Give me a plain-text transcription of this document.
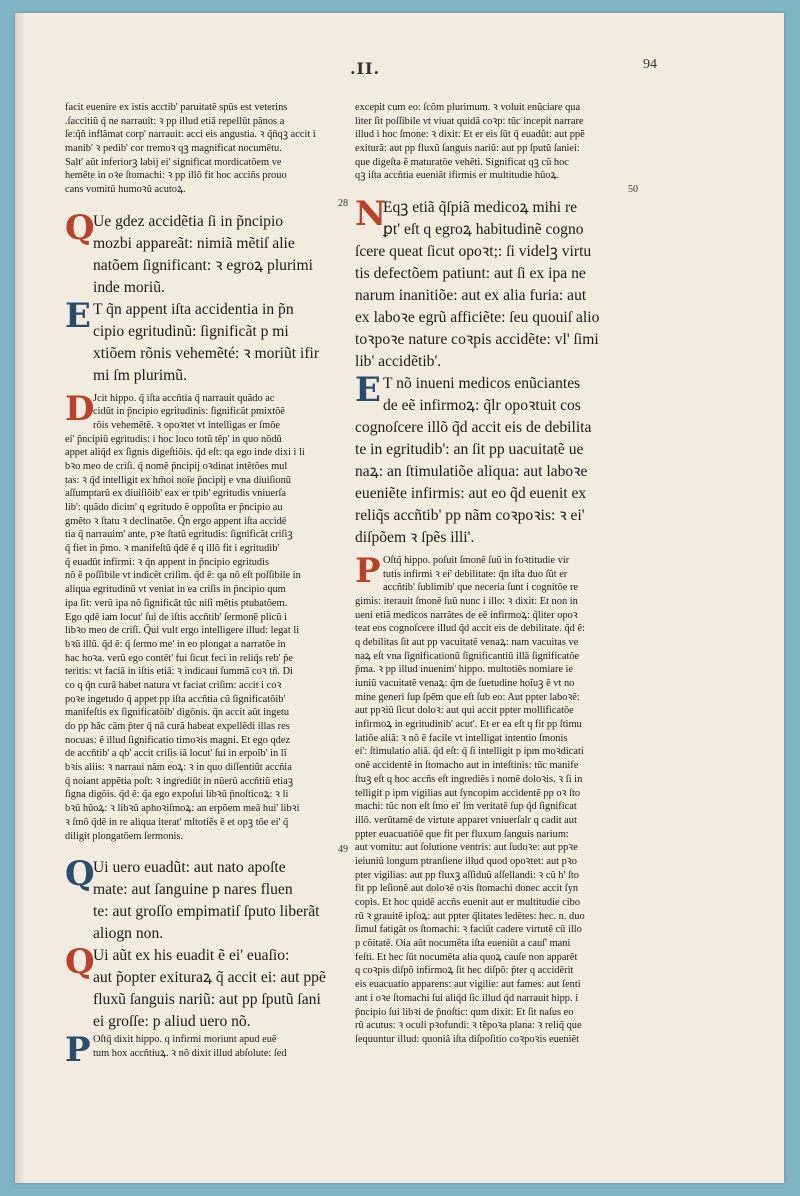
.II.	94
facit euenire ex istis acctib' paruitatẽ spũs est veterins
.ſaccitiũ q̃ ne narrauit: ꝛ pp illud etiã repellũt pãnos a
ſe:q̃ñ inflãmat corp' narrauit: acci eis angustia. ꝛ q̃ñqꝫ accit i
manib' ꝛ pedib' cor tremoꝛ qꝫ magnificat nocumẽtu.
Salt' aũt inferiorꝫ labij ei' significat mordicatõem ve
hemẽte in oꝛe ſtomachi: ꝛ pp illõ fit hoc acciñs prouo
cans vomitũ humoꝛũ acutoꝝ.
28
Q
Ue gdez accidẽtia ſi in p̃ncipio
mozbi appareãt: nimiã mẽtiſ alie
natõem ſignificant: ꝛ egroꝝ plurimi
inde moriũ.
E T q̃n appent iſta accidentia in p̃n
cipio egritudinũ: ſignificãt p mi
xtiõem rõnis vehemẽté: ꝛ moriũt ifir
mi ſm plurimũ.
D
Jcit hippo. q̃ iſta accñtia q̃ narrauit quãdo ac
cidũt in p̃ncipio egritudinis: ſignificãt pmixtõẽ
rõis vehemẽtẽ. ꝛ opoꝛtet vt intelligas er ſmõe
ei' p̃ncipiũ egritudis: i hoc loco totũ tẽp' in quo nõdũ
appet aliq̃d ex ſignis digeſtiõis. q̃d eſt: qa ego inde dixi i li
bꝛo meo de criſi. q̃ nomẽ p̃ncipij oꝛdinat intẽtões mul
tas: ꝛ q̃d intelligit ex hm̃oi noĩe p̃ncipij e vna diuiſionũ
aſſumptarũ ex diuiſiõib' eax er tpib' egritudis vniuerſa
lib': quãdo dicim' q egritudo ẽ oppoſita er p̃ncipio au
gmẽto ꝛ ſtatu ꝛ declinatõe. Q̃n ergo appent iſta accidẽ
tia q̃ narrauim' ante, pꝛe ſtatũ egritudis: ſignificãt criſiꝫ
q̃ fiet in p̃mo. ꝛ manifeſtũ q̃dẽ ẽ q illõ fit i egritudib'
q̃ euadũt infirmi: ꝛ q̃n appent in p̃ncipio egritudis
nõ ẽ poſſibile vt indicẽt criſim. q̃d ẽ: qa nõ eſt poſſibile in
aliqua egritudinũ vt veniat in ea criſis in p̃ncipio qum
ipa ſit: verũ ipa nõ ſignificãt tũc niſi mẽtis ptubatõem.
Ego qdẽ iam locut' ſui de iſtis accñtib' ſermonẽ plicũ i
libꝛo meo de criſi. Q̃ui vult ergo intelligere illud: legat li
bꝛũ illũ. q̃d ẽ: q̃ ſermo me' in eo plongat a narratõe in
hac hoꝛa. verũ ego contẽt' fui ſicut feci in reliq̃s reb' p̃e
teritis: vt faciã in iſtis etiã: ꝛ indicaui ſummã coꝛ tn̄. Di
co q q̃n curã habet natura vt faciat criſim: accit i coꝛ
poꝛe ingetudo q̃ appet pp iſta accñtia cũ ſignificatõib'
manifeſtis ex ſignificatõib' digõnis. q̃n accit aũt ingetu
do pp hãc cãm p̃ter q̃ nã curã habeat expellẽdi illas res
nocuas: ẽ illud ſignificatio timoꝛis magni. Et ego qdez
de accñtib' a qb' accit criſis iã locut' ſui in erpoĩb' in lĩ
bꝛis aliis: ꝛ narraui nãm eoꝝ: ꝛ in quo diſſentiũt accñia
q̃ noiant appẽtia poſt: ꝛ ingrediũt in nũerũ accñtiũ etiaꝫ
ſigna digõis. q̃d ẽ: q̃a ego expoſui libꝛũ p̃noſticoꝝ: ꝛ li
bꝛũ hũoꝝ: ꝛ libꝛũ aphoꝛiſmoꝝ: an erpõem meã hui' libꝛi
ꝛ ſmõ q̃dẽ in re aliqua iterat' mltotiẽs ẽ et opꝫ tõe ei' q̃
diligit plongatõem ſermonis.
49
Q
Ui uero euadũt: aut nato apoſte
mate: aut ſanguine p nares fluen
te: aut groſſo empimatiſ ſputo liberãt
aliogn non.
Q
Ui aũt ex his euadit ẽ ei' euaſio:
aut p̃opter exituraꝝ q̃ accit ei: aut ppẽ
fluxũ ſanguis nariũ: aut pp ſputũ ſani
ei groſſe: p aliud uero nõ.
P Oſtq̃ dixit hippo. q infirmi moriunt apud euẽ
tum hox accñtiuꝝ. ꝛ nõ dixit illud abſolute: ſed
excepit cum eo: ſcõm plurimum. ꝛ voluit enũciare qua
liter ſit poſſibile vt viuat quidã coꝛp: tũc incepit narrare
illud i hoc ſmone: ꝛ dixit: Et er eis ſũt q̃ euadũt: aut ppẽ
exiturã: aut pp fluxũ ſanguis nariũ: aut pp ſputũ ſaniei:
que digeſta ẽ maturatõe vehẽti. Significat qꝫ cũ hoc
qꝫ iſta accñtia eueniãt ifirmis er multitudie hũoꝝ.
50
N
Eqꝫ etiã q̃ſpiã medicoꝝ mihi re
ꝑt' eſt q egroꝝ habitudinẽ cogno
ſcere queat ſicut opoꝛt;: ſi videlꝫ virtu
tis defectõem patiunt: aut ſi ex ipa ne
narum inanitiõe: aut ex alia furia: aut
ex laboꝛe egrũ afficiẽte: ſeu quouiſ alio
toꝛpoꝛe nature coꝛpis accidẽte: vl' ſimi
lib' accidẽtib'.
E T nõ inueni medicos enũciantes
de eẽ infirmoꝝ: q̃lr opoꝛtuit cos
cognoſcere illõ q̃d accit eis de debilita
te in egritudib': an ſit pp uacuitatẽ ue
naꝝ: an ſtimulatiõe aliqua: aut laboꝛe
eueniẽte infirmis: aut eo q̃d euenit ex
reliq̃s accñtib' pp nãm coꝛpoꝛis: ꝛ ei'
diſpõem ꝛ ſpẽs illi'.
P Oſtq̃ hippo. poſuit ſmonẽ ſuũ in foꝛtitudie vir
tutis infirmi ꝛ ei' debilitate: q̃n iſta duo ſũt er
accñtib' ſublimib' que neceria ſunt i cognitõe re
gimis: iterauit ſmonẽ ſuũ nunc i illo: ꝛ dixit: Et non in
ueni etiã medicos narrãtes de eẽ infirmoꝝ: q̃liter opoꝛ
teat eos cognoſcere illud q̃d accit eis de debilitate. q̃d ẽ:
q debilitas ſit aut pp vacuitatẽ venaꝝ: nam vacuitas ve
naꝝ eſt vna ſignificationũ ſignificantiũ illã ſignificatõe
p̃ma. ꝛ pp illud inuenim' hippo. multotiẽs nomiare ie
iuniũ vacuitatẽ venaꝝ: q̃m de ſuetudine hoĩuꝫ ẽ vt no
mine generi ſup ſpẽm que eſt ſub eo: Aut ppter laboꝛẽ:
aut ppꝛiũ ſicut doloꝛ: aut qui accit ppter mollificatõe
infirmoꝝ in egritudinib' acut'. Et er ea eſt q fit pp ſtimu
latiõe aliã: ꝛ nõ ẽ facile vt intelligat intentio ſmonis
ei': ſtimulatio aliã. q̃d eſt: q̃ ſi intelligit p ipm moꝛdicati
onẽ accidentẽ in ſtomacho aut in inteſtinis: tũc manife
ſtuꝫ eſt q hoc accñs eſt ingrediẽs i nomẽ doloꝛis. ꝛ ſi in
telligit p ipm vigilias aut ſyncopim accidentẽ pp oꝛ ſto
machi: tũc non eſt ſmo ei' ſm veritatẽ ſup q̃d ſignificat
illõ. verũtamẽ de virtute apparet vniuerſalr q cadit aut
ppter euacuatiõẽ que fit per fluxum ſanguis narium:
aut vomitu: aut ſolutione ventris: aut ſudoꝛe: aut ppꝛe
ieiuniũ longum ptranſiene illud quod opoꝛtet: aut pꝛo
pter vigilias: aut pp fluxꝫ aſſiduũ aſſellandi: ꝛ cũ h' ſto
fit pp leſionẽ aut doloꝛẽ oꝛis ſtomachi donec accit ſyn
copis. Et hoc quidẽ accñs euenit aut er multitudie cibo
rũ ꝛ grauitẽ ipſoꝝ: aut ppter q̃litates ledẽtes: hec. n. duo
ſimul fatigãt os ſtomachi: ꝛ faciũt cadere virtutẽ cũ illo
p cõitatẽ. Oia aũt nocumẽta iſta eueniũt a cauſ' mani
feſti. Et hec ſũt nocumẽta alia quoꝝ cauſe non apparẽt
q coꝛpis diſpõ infirmoꝝ ſit hec diſpõ: p̃ter q accidẽrit
eis euacuatio apparens: aut vigilie: aut fames: aut ſenti
ant i oꝛe ſtomachi ſui aliq̃d ſic illud q̃d narrauit hipp. i
p̃ncipio ſui libꝛi de p̃noſtic: qum dixit: Et ſit naſus eo
rũ acutus: ꝛ oculi pꝛofundi: ꝛ tẽpoꝛa plana: ꝛ reliq̃ que
ſequuntur illud: quoniã iſta diſpoſitio coꝛpoꝛis eueniẽt
